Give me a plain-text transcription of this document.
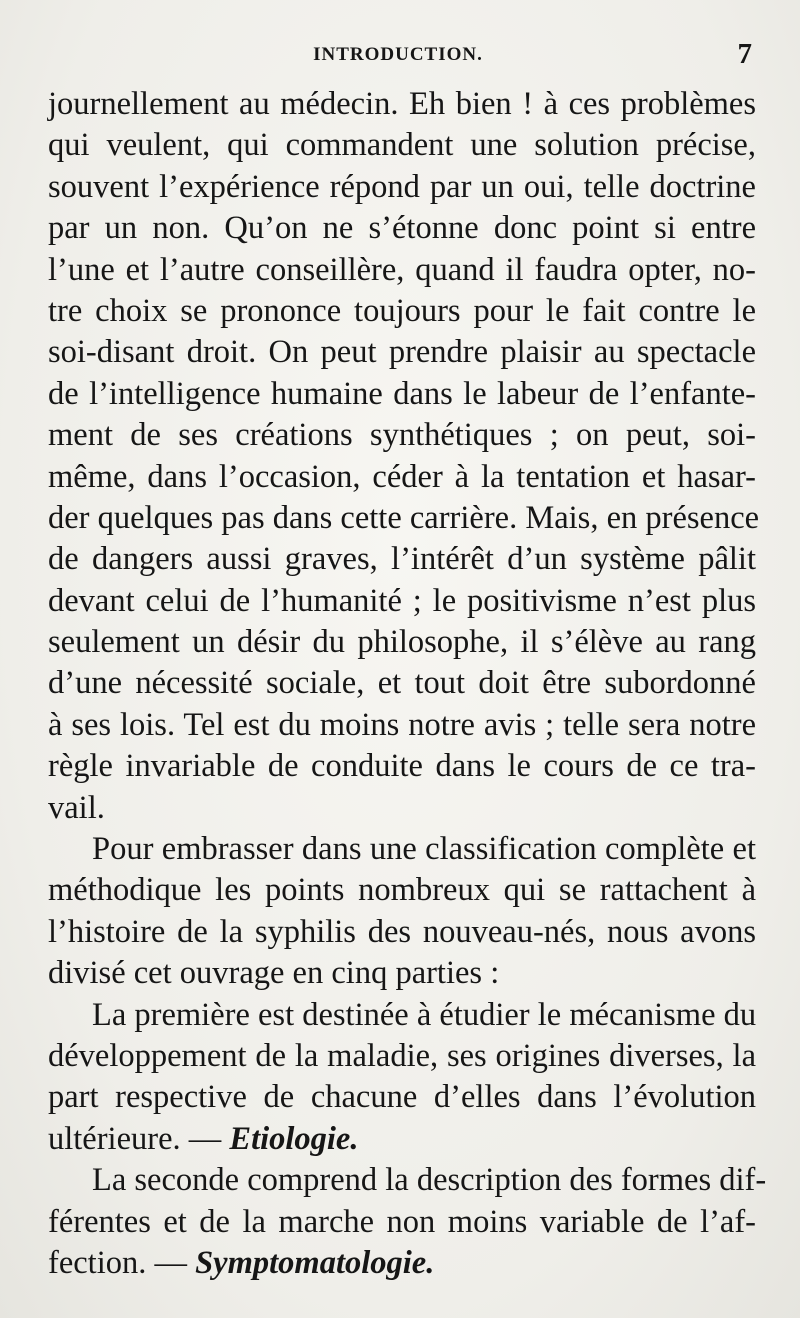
INTRODUCTION.	7
journellement au médecin. Eh bien ! à ces problèmes
qui veulent, qui commandent une solution précise,
souvent l’expérience répond par un oui, telle doctrine
par un non. Qu’on ne s’étonne donc point si entre
l’une et l’autre conseillère, quand il faudra opter, no-
tre choix se prononce toujours pour le fait contre le
soi-disant droit. On peut prendre plaisir au spectacle
de l’intelligence humaine dans le labeur de l’enfante-
ment de ses créations synthétiques ; on peut, soi-
même, dans l’occasion, céder à la tentation et hasar-
der quelques pas dans cette carrière. Mais, en présence
de dangers aussi graves, l’intérêt d’un système pâlit
devant celui de l’humanité ; le positivisme n’est plus
seulement un désir du philosophe, il s’élève au rang
d’une nécessité sociale, et tout doit être subordonné
à ses lois. Tel est du moins notre avis ; telle sera notre
règle invariable de conduite dans le cours de ce tra-
vail.
Pour embrasser dans une classification complète et
méthodique les points nombreux qui se rattachent à
l’histoire de la syphilis des nouveau-nés, nous avons
divisé cet ouvrage en cinq parties :
La première est destinée à étudier le mécanisme du
développement de la maladie, ses origines diverses, la
part respective de chacune d’elles dans l’évolution
ultérieure. — Etiologie.
La seconde comprend la description des formes dif-
férentes et de la marche non moins variable de l’af-
fection. — Symptomatologie.
